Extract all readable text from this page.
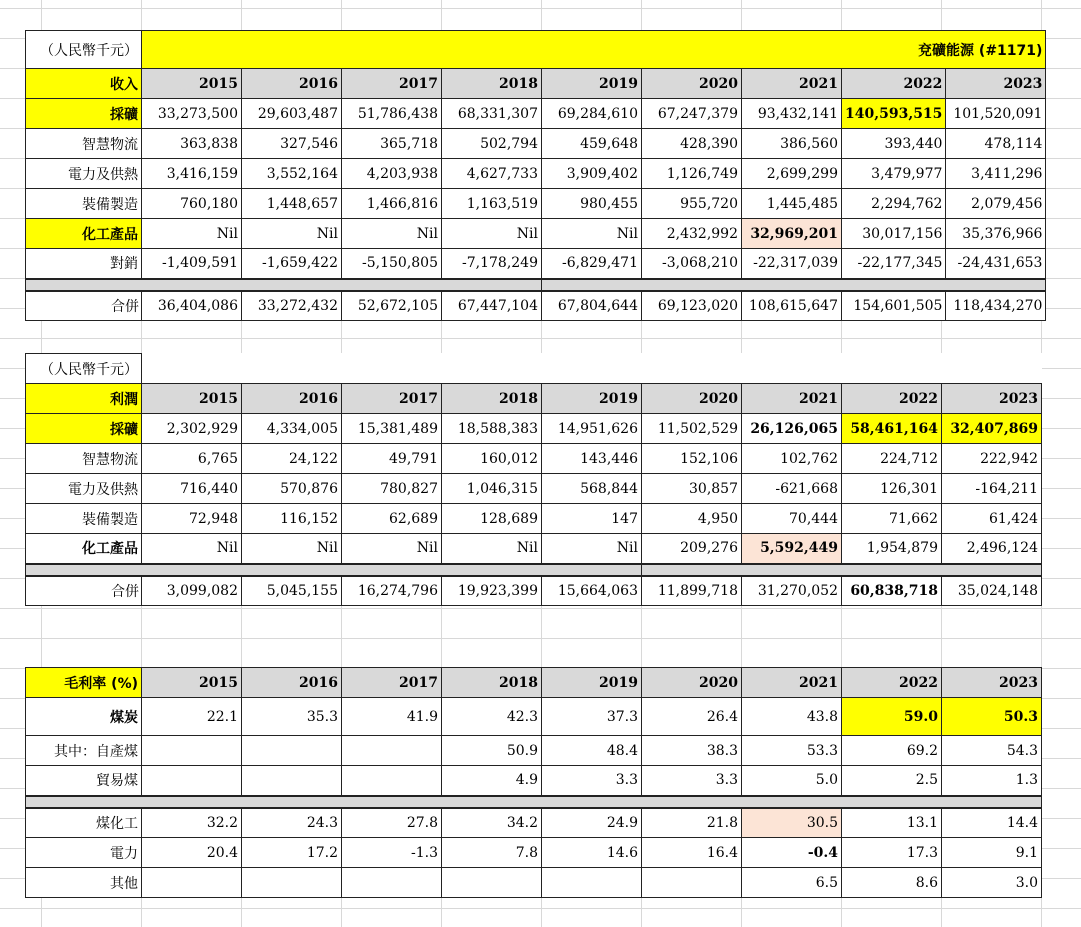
（人民幣千元）	兗礦能源 (#1171)								
收入	2015	2016	2017	2018	2019	2020	2021	2022	2023
採礦	33,273,500	29,603,487	51,786,438	68,331,307	69,284,610	67,247,379	93,432,141	140,593,515	101,520,091
智慧物流	363,838	327,546	365,718	502,794	459,648	428,390	386,560	393,440	478,114
電力及供熱	3,416,159	3,552,164	4,203,938	4,627,733	3,909,402	1,126,749	2,699,299	3,479,977	3,411,296
裝備製造	760,180	1,448,657	1,466,816	1,163,519	980,455	955,720	1,445,485	2,294,762	2,079,456
化工產品	Nil	Nil	Nil	Nil	Nil	2,432,992	32,969,201	30,017,156	35,376,966
對銷	-1,409,591	-1,659,422	-5,150,805	-7,178,249	-6,829,471	-3,068,210	-22,317,039	-22,177,345	-24,431,653

合併	36,404,086	33,272,432	52,672,105	67,447,104	67,804,644	69,123,020	108,615,647	154,601,505	118,434,270
（人民幣千元）									
利潤	2015	2016	2017	2018	2019	2020	2021	2022	2023
採礦	2,302,929	4,334,005	15,381,489	18,588,383	14,951,626	11,502,529	26,126,065	58,461,164	32,407,869
智慧物流	6,765	24,122	49,791	160,012	143,446	152,106	102,762	224,712	222,942
電力及供熱	716,440	570,876	780,827	1,046,315	568,844	30,857	-621,668	126,301	-164,211
裝備製造	72,948	116,152	62,689	128,689	147	4,950	70,444	71,662	61,424
化工產品	Nil	Nil	Nil	Nil	Nil	209,276	5,592,449	1,954,879	2,496,124

合併	3,099,082	5,045,155	16,274,796	19,923,399	15,664,063	11,899,718	31,270,052	60,838,718	35,024,148
毛利率 (%)	2015	2016	2017	2018	2019	2020	2021	2022	2023
煤炭	22.1	35.3	41.9	42.3	37.3	26.4	43.8	59.0	50.3
其中：自產煤				50.9	48.4	38.3	53.3	69.2	54.3
貿易煤				4.9	3.3	3.3	5.0	2.5	1.3

煤化工	32.2	24.3	27.8	34.2	24.9	21.8	30.5	13.1	14.4
電力	20.4	17.2	-1.3	7.8	14.6	16.4	-0.4	17.3	9.1
其他							6.5	8.6	3.0
